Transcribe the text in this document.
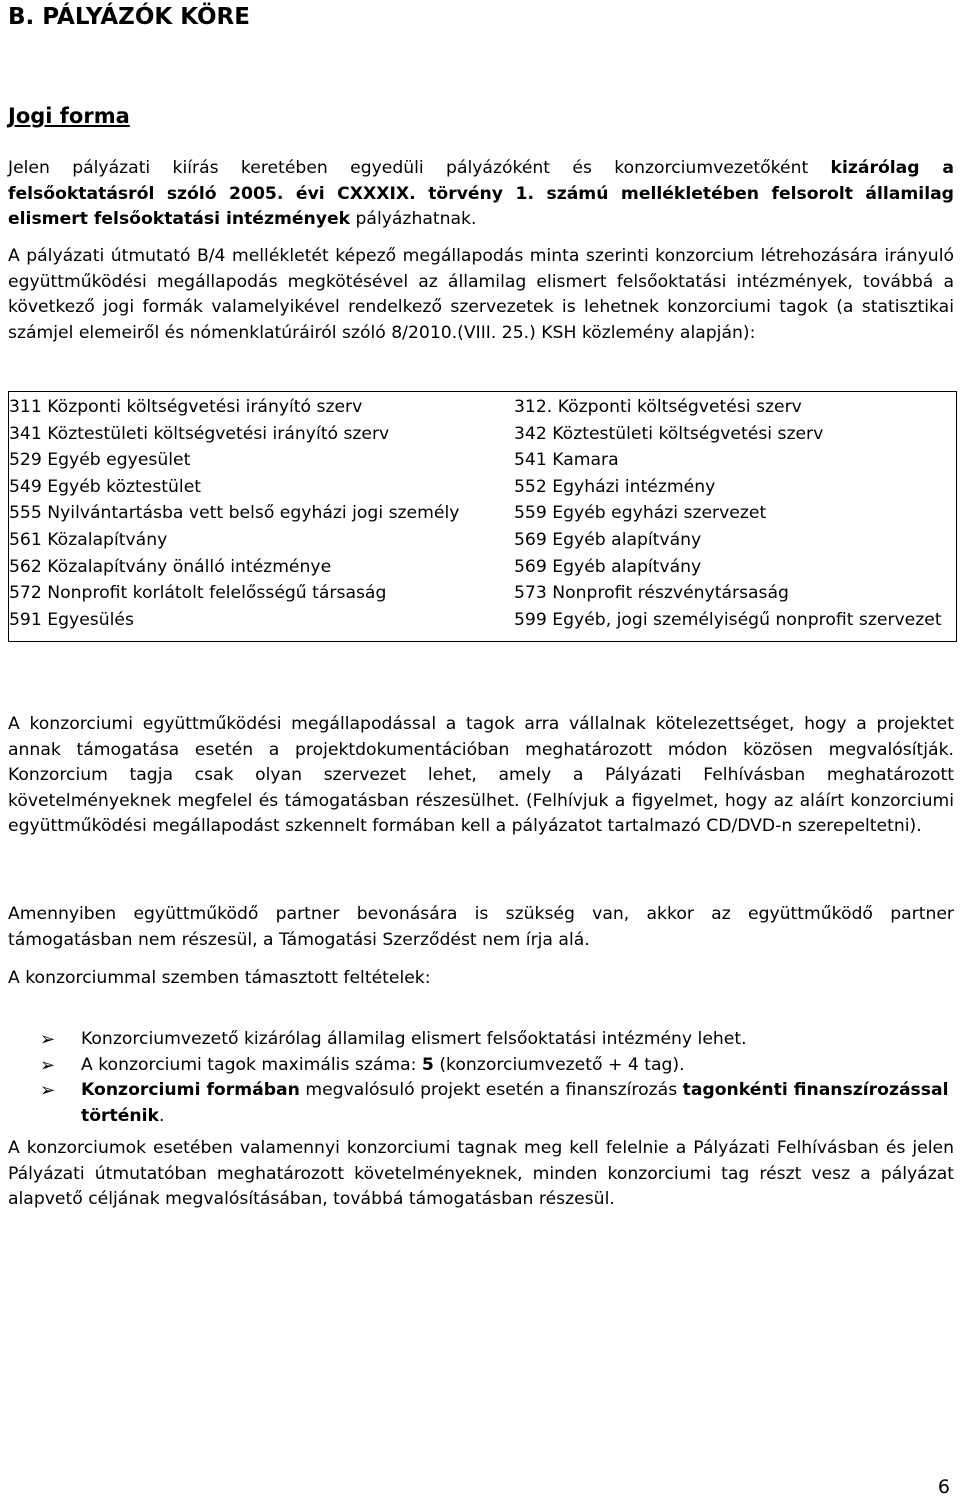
B. PÁLYÁZÓK KÖRE
Jogi forma

Jelen pályázati kiírás keretében egyedüli pályázóként és konzorciumvezetőként kizárólag a felsőoktatásról szóló 2005. évi CXXXIX. törvény 1. számú mellékletében felsorolt államilag elismert felsőoktatási intézmények pályázhatnak.

A pályázati útmutató B/4 mellékletét képező megállapodás minta szerinti konzorcium létrehozására irányuló együttműködési megállapodás megkötésével az államilag elismert felsőoktatási intézmények, továbbá a következő jogi formák valamelyikével rendelkező szervezetek is lehetnek konzorciumi tagok (a statisztikai számjel elemeiről és nómenklatúráiról szóló 8/2010.(VIII. 25.) KSH közlemény alapján):

311 Központi költségvetési irányító szerv	312. Központi költségvetési szerv
341 Köztestületi költségvetési irányító szerv	342 Köztestületi költségvetési szerv
529 Egyéb egyesület	541 Kamara
549 Egyéb köztestület	552 Egyházi intézmény
555 Nyilvántartásba vett belső egyházi jogi személy	559 Egyéb egyházi szervezet
561 Közalapítvány	569 Egyéb alapítvány
562 Közalapítvány önálló intézménye	569 Egyéb alapítvány
572 Nonprofit korlátolt felelősségű társaság	573 Nonprofit részvénytársaság
591 Egyesülés	599 Egyéb, jogi személyiségű nonprofit szervezet

A konzorciumi együttműködési megállapodással a tagok arra vállalnak kötelezettséget, hogy a projektet annak támogatása esetén a projektdokumentációban meghatározott módon közösen megvalósítják. Konzorcium tagja csak olyan szervezet lehet, amely a Pályázati Felhívásban meghatározott követelményeknek megfelel és támogatásban részesülhet. (Felhívjuk a figyelmet, hogy az aláírt konzorciumi együttműködési megállapodást szkennelt formában kell a pályázatot tartalmazó CD/DVD-n szerepeltetni).

Amennyiben együttműködő partner bevonására is szükség van, akkor az együttműködő partner támogatásban nem részesül, a Támogatási Szerződést nem írja alá.

A konzorciummal szemben támasztott feltételek:

➢ Konzorciumvezető kizárólag államilag elismert felsőoktatási intézmény lehet.
➢ A konzorciumi tagok maximális száma: 5 (konzorciumvezető + 4 tag).
➢ Konzorciumi formában megvalósuló projekt esetén a finanszírozás tagonkénti finanszírozással történik.

A konzorciumok esetében valamennyi konzorciumi tagnak meg kell felelnie a Pályázati Felhívásban és jelen Pályázati útmutatóban meghatározott követelményeknek, minden konzorciumi tag részt vesz a pályázat alapvető céljának megvalósításában, továbbá támogatásban részesül.

6
